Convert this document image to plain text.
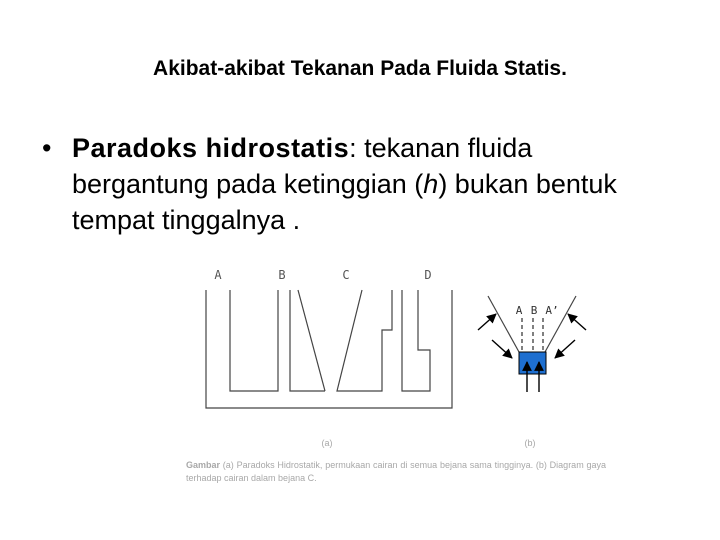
Akibat-akibat Tekanan Pada Fluida Statis.
• Paradoks hidrostatis: tekanan fluida bergantung pada ketinggian (h) bukan bentuk tempat tinggalnya .
A	B	C	D
A B A’
(a)	(b)
Gambar (a) Paradoks Hidrostatik, permukaan cairan di semua bejana sama tingginya. (b) Diagram gaya terhadap cairan dalam bejana C.
